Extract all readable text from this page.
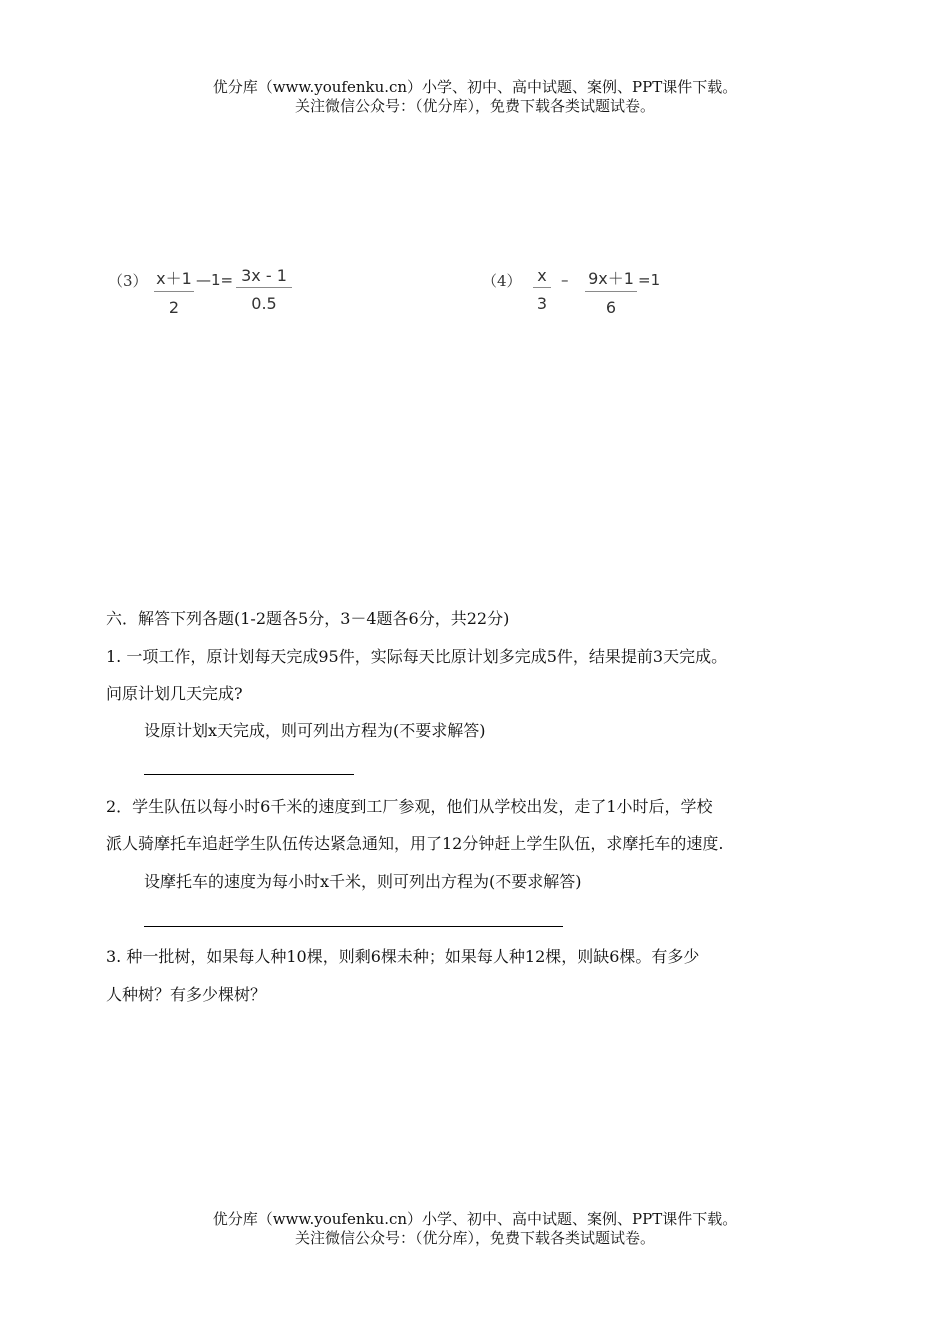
优分库（www.youfenku.cn）小学、初中、高中试题、案例、PPT课件下载。
关注微信公众号：（优分库），免费下载各类试题试卷。
（3） x＋1
2
—1= 3x - 1
0.5
（4） x
3
– 9x＋1
6
=1
六．解答下列各题(1-2题各5分，3－4题各6分，共22分)
1. 一项工作，原计划每天完成95件，实际每天比原计划多完成5件，结果提前3天完成。
问原计划几天完成?
设原计划x天完成，则可列出方程为(不要求解答)
2．学生队伍以每小时6千米的速度到工厂参观，他们从学校出发，走了1小时后，学校
派人骑摩托车追赶学生队伍传达紧急通知，用了12分钟赶上学生队伍，求摩托车的速度.
设摩托车的速度为每小时x千米，则可列出方程为(不要求解答)
3. 种一批树，如果每人种10棵，则剩6棵未种；如果每人种12棵，则缺6棵。有多少
人种树？有多少棵树？
优分库（www.youfenku.cn）小学、初中、高中试题、案例、PPT课件下载。
关注微信公众号：（优分库），免费下载各类试题试卷。
